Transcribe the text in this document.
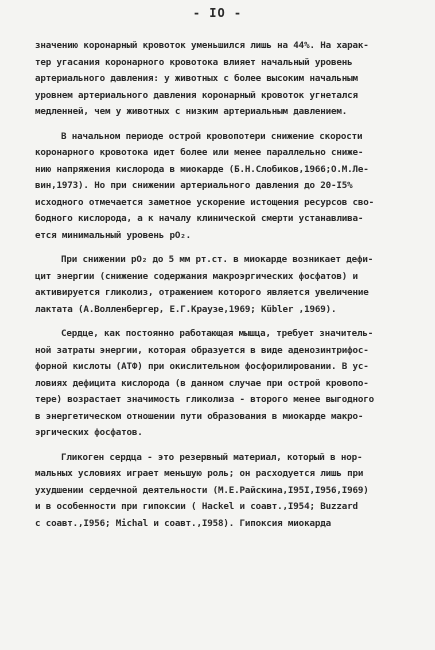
- IO -
значению коронарный кровоток уменьшился лишь на 44%. На харак-
тер угасания коронарного кровотока влияет начальный уровень
артериального давления: у животных с более высоким начальным
уровнем артериального давления коронарный кровоток угнетался
медленней, чем у животных с низким артериальным давлением.
В начальном периоде острой кровопотери снижение скорости
коронарного кровотока идет более или менее параллельно сниже-
нию напряжения кислорода в миокарде (Б.Н.Слобиков,1966;О.М.Ле-
вин,1973). Но при снижении артериального давления до 20-I5%
исходного отмечается заметное ускорение истощения ресурсов сво-
бодного кислорода, а к началу клинической смерти устанавлива-
ется минимальный уровень pO₂.
При снижении pO₂ до 5 мм рт.ст. в миокарде возникает дефи-
цит энергии (снижение содержания макроэргических фосфатов) и
активируется гликолиз, отражением которого является увеличение
лактата (А.Волленбергер, Е.Г.Краузе,1969; Kübler ,1969).
Сердце, как постоянно работающая мышца, требует значитель-
ной затраты энергии, которая образуется в виде аденозинтрифос-
форной кислоты (АТФ) при окислительном фосфорилировании. В ус-
ловиях дефицита кислорода (в данном случае при острой кровопо-
тере) возрастает значимость гликолиза - второго менее выгодного
в энергетическом отношении пути образования в миокарде макро-
эргических фосфатов.
Гликоген сердца - это резервный материал, который в нор-
мальных условиях играет меньшую роль; он расходуется лишь при
ухудшении сердечной деятельности (М.Е.Райскина,I95I,I956,I969)
и в особенности при гипоксии ( Hackel и соавт.,I954; Buzzard
с соавт.,I956; Michal и соавт.,I958). Гипоксия миокарда
